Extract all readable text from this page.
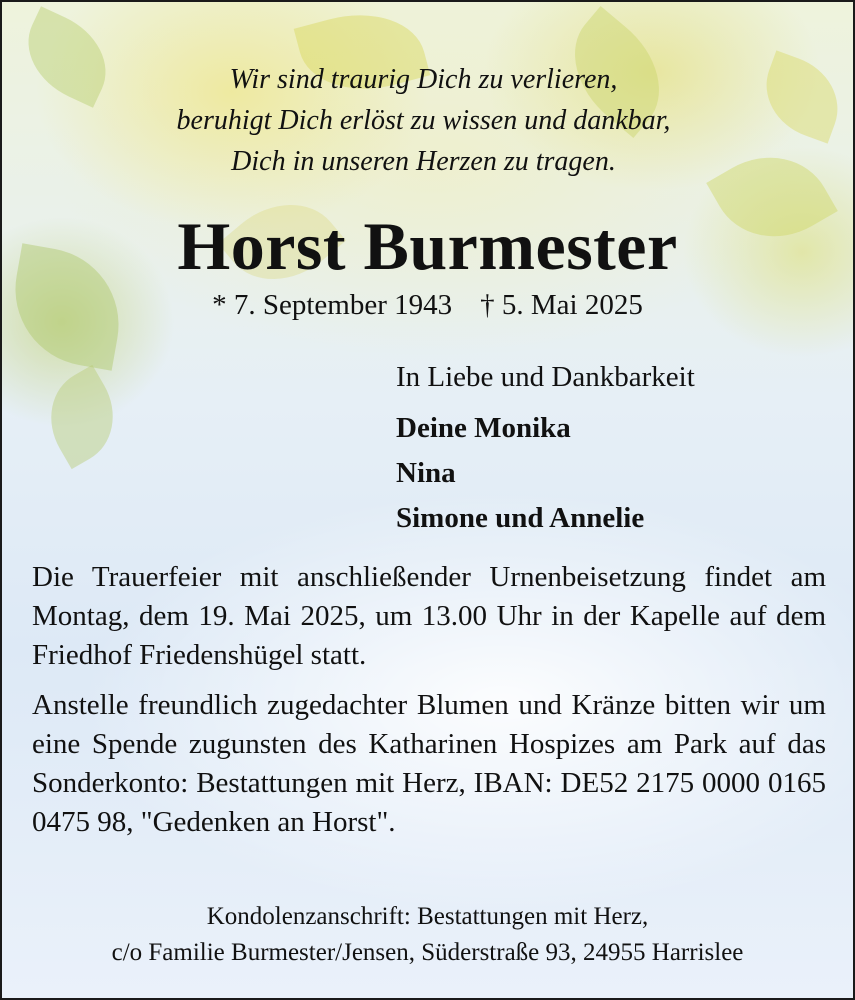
Wir sind traurig Dich zu verlieren,
beruhigt Dich erlöst zu wissen und dankbar,
Dich in unseren Herzen zu tragen.
Horst Burmester
* 7. September 1943 † 5. Mai 2025
In Liebe und Dankbarkeit
Deine Monika
Nina
Simone und Annelie
Die Trauerfeier mit anschließender Urnenbeisetzung findet am Montag, dem 19. Mai 2025, um 13.00 Uhr in der Kapelle auf dem Friedhof Friedenshügel statt.
Anstelle freundlich zugedachter Blumen und Kränze bitten wir um eine Spende zugunsten des Katharinen Hospizes am Park auf das Sonderkonto: Bestattungen mit Herz, IBAN: DE52 2175 0000 0165 0475 98, "Gedenken an Horst".
Kondolenzanschrift: Bestattungen mit Herz,
c/o Familie Burmester/Jensen, Süderstraße 93, 24955 Harrislee
